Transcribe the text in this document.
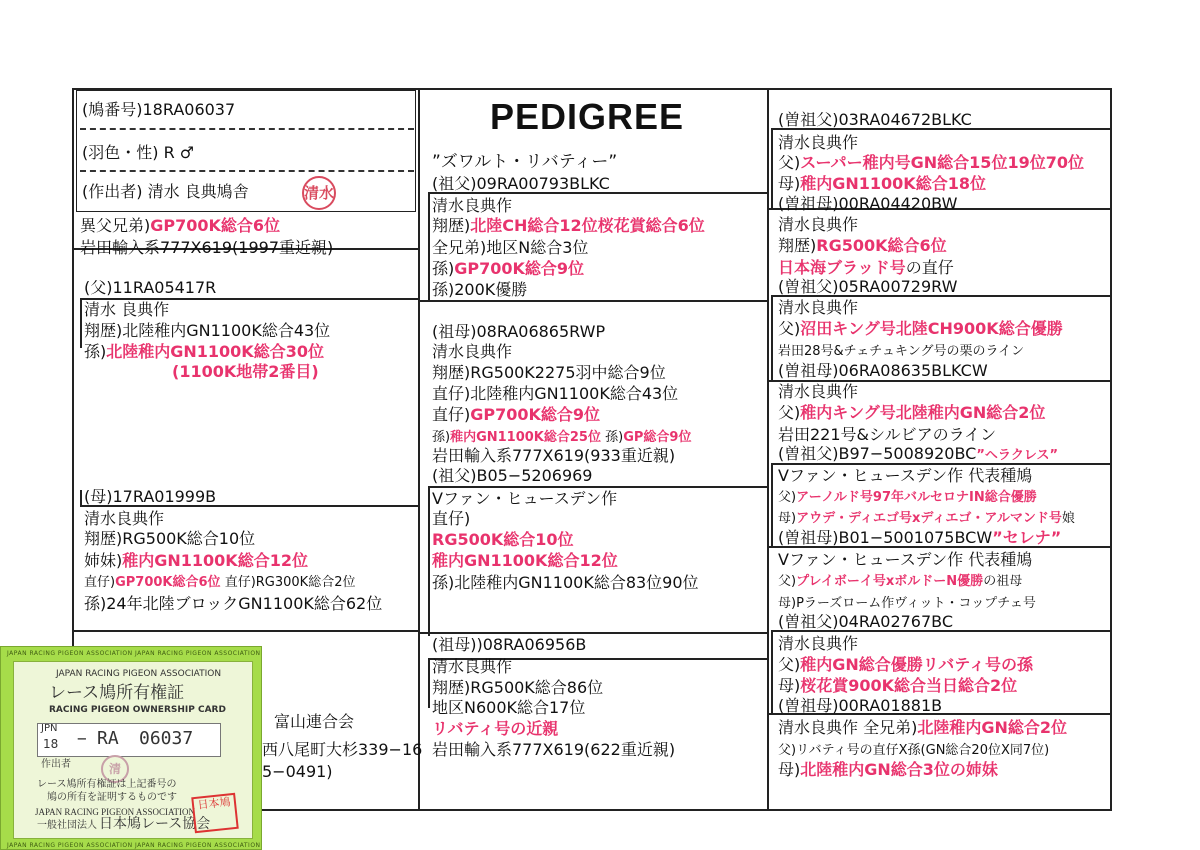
(鳩番号)18RA06037
(羽色・性) R ♂
(作出者) 清水 良典鳩舎	清水
PEDIGREE
”ズワルト・リバティー”
異父兄弟)GP700K総合6位
岩田輸入系777X619(1997重近親)
(父)11RA05417R
清水 良典作
翔歴)北陸稚内GN1100K総合43位
孫)北陸稚内GN1100K総合30位
(1100K地帯2番目)
(母)17RA01999B
清水良典作
翔歴)RG500K総合10位
姉妹)稚内GN1100K総合12位
直仔)GP700K総合6位 直仔)RG300K総合2位
孫)24年北陸ブロックGN1100K総合62位
(祖父)09RA00793BLKC
清水良典作
翔歴)北陸CH総合12位桜花賞総合6位
全兄弟)地区N総合3位
孫)GP700K総合9位
孫)200K優勝
(祖母)08RA06865RWP
清水良典作
翔歴)RG500K2275羽中総合9位
直仔)北陸稚内GN1100K総合43位
直仔)GP700K総合9位
孫)稚内GN1100K総合25位 孫)GP総合9位
岩田輸入系777X619(933重近親)
(祖父)B05−5206969
Vファン・ヒュースデン作
直仔)
RG500K総合10位
稚内GN1100K総合12位
孫)北陸稚内GN1100K総合83位90位
(祖母))08RA06956B
清水良典作
翔歴)RG500K総合86位
地区N600K総合17位
リバティ号の近親
岩田輸入系777X619(622重近親)
(曽祖父)03RA04672BLKC
清水良典作
父)スーパー稚内号GN総合15位19位70位
母)稚内GN1100K総合18位
(曽祖母)00RA04420BW
清水良典作
翔歴)RG500K総合6位
日本海ブラッド号の直仔
(曽祖父)05RA00729RW
清水良典作
父)沼田キング号北陸CH900K総合優勝
岩田28号&チェチュキング号の栗のライン
(曽祖母)06RA08635BLKCW
清水良典作
父)稚内キング号北陸稚内GN総合2位
岩田221号&シルビアのライン
(曽祖父)B97−5008920BC”ヘラクレス”
Vファン・ヒュースデン作 代表種鳩
父)アーノルド号97年バルセロナIN総合優勝
母)アウデ・ディエゴ号xディエゴ・アルマンド号娘
(曽祖母)B01−5001075BCW”セレナ”
Vファン・ヒュースデン作 代表種鳩
父)プレイボーイ号xボルドーN優勝の祖母
母)Pラーズローム作ヴィット・コップチェ号
(曽祖父)04RA02767BC
清水良典作
父)稚内GN総合優勝リバティ号の孫
母)桜花賞900K総合当日総合2位
(曽祖母)00RA01881B
清水良典作 全兄弟)北陸稚内GN総合2位
父)リバティ号の直仔X孫(GN総合20位X同7位)
母)北陸稚内GN総合3位の姉妹
富山連合会
西八尾町大杉339−16
5−0491)
JAPAN RACING PIGEON ASSOCIATION JAPAN RACING PIGEON ASSOCIATION
JAPAN RACING PIGEON ASSOCIATION JAPAN RACING PIGEON ASSOCIATION
JAPAN RACING PIGEON ASSOCIATION
レース鳩所有権証
RACING PIGEON OWNERSHIP CARD
JPN
18 − RA 06037
作出者	清
レース鳩所有権証は上記番号の
鳩の所有を証明するものです
JAPAN RACING PIGEON ASSOCIATION
一般社団法人 日本鳩レース協会
日本鳩
